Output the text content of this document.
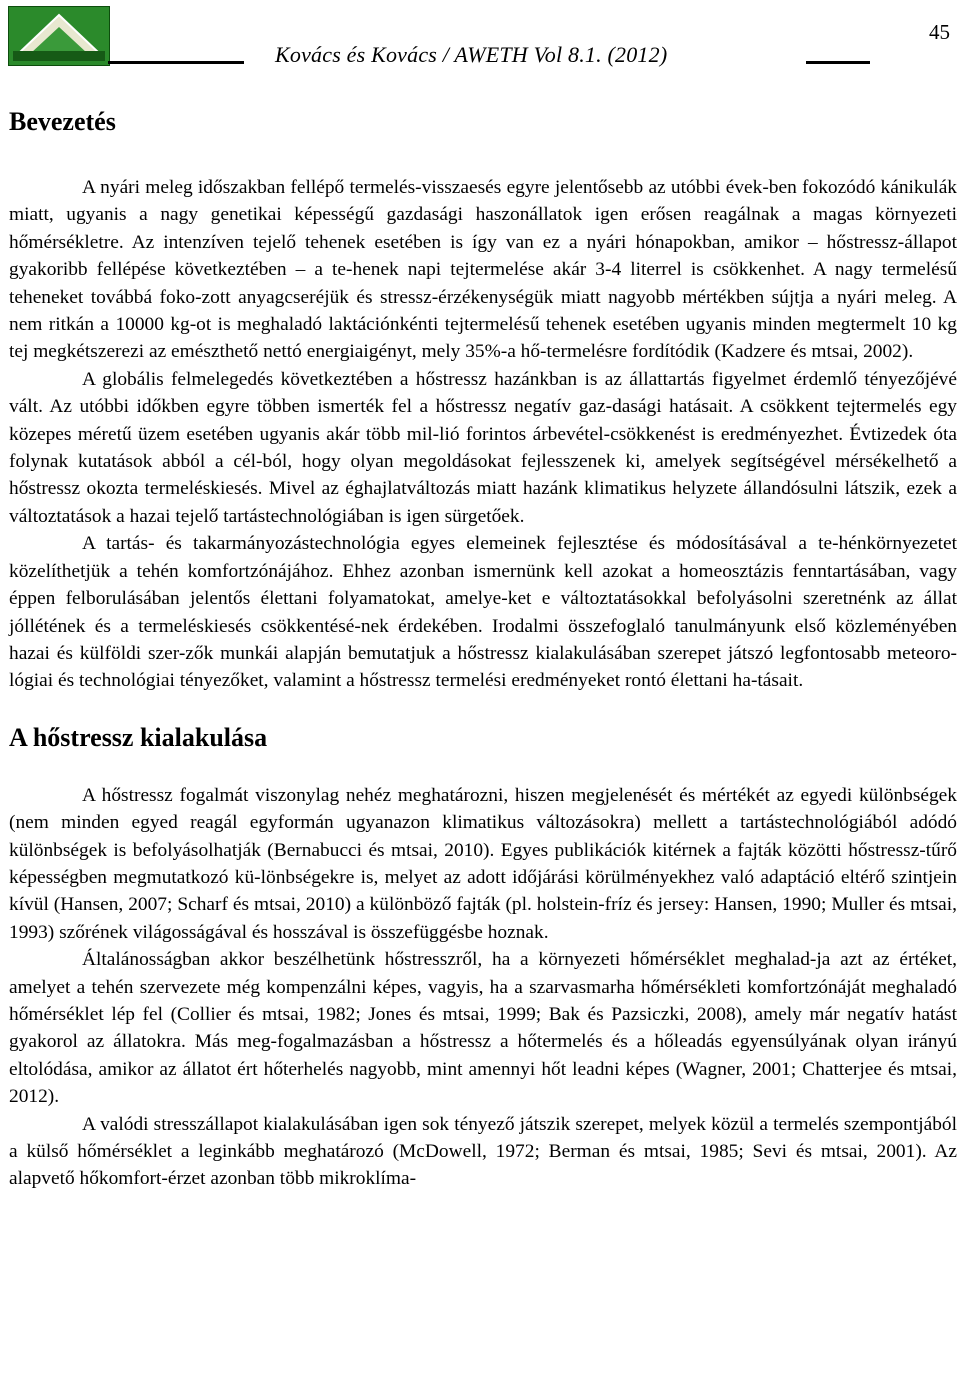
Kovács és Kovács / AWETH Vol 8.1. (2012)
45
Bevezetés

A nyári meleg időszakban fellépő termelés-visszaesés egyre jelentősebb az utóbbi évek-ben fokozódó kánikulák miatt, ugyanis a nagy genetikai képességű gazdasági haszonállatok igen erősen reagálnak a magas környezeti hőmérsékletre. Az intenzíven tejelő tehenek esetében is így van ez a nyári hónapokban, amikor – hőstressz-állapot gyakoribb fellépése következtében – a te-henek napi tejtermelése akár 3-4 literrel is csökkenhet. A nagy termelésű teheneket továbbá foko-zott anyagcseréjük és stressz-érzékenységük miatt nagyobb mértékben sújtja a nyári meleg. A nem ritkán a 10000 kg-ot is meghaladó laktációnkénti tejtermelésű tehenek esetében ugyanis minden megtermelt 10 kg tej megkétszerezi az emészthető nettó energiaigényt, mely 35%-a hő-termelésre fordítódik (Kadzere és mtsai, 2002).

A globális felmelegedés következtében a hőstressz hazánkban is az állattartás figyelmet érdemlő tényezőjévé vált. Az utóbbi időkben egyre többen ismerték fel a hőstressz negatív gaz-dasági hatásait. A csökkent tejtermelés egy közepes méretű üzem esetében ugyanis akár több mil-lió forintos árbevétel-csökkenést is eredményezhet. Évtizedek óta folynak kutatások abból a cél-ból, hogy olyan megoldásokat fejlesszenek ki, amelyek segítségével mérsékelhető a hőstressz okozta termeléskiesés. Mivel az éghajlatváltozás miatt hazánk klimatikus helyzete állandósulni látszik, ezek a változtatások a hazai tejelő tartástechnológiában is igen sürgetőek.

A tartás- és takarmányozástechnológia egyes elemeinek fejlesztése és módosításával a te-hénkörnyezetet közelíthetjük a tehén komfortzónájához. Ehhez azonban ismernünk kell azokat a homeosztázis fenntartásában, vagy éppen felborulásában jelentős élettani folyamatokat, amelye-ket e változtatásokkal befolyásolni szeretnénk az állat jóllétének és a termeléskiesés csökkentésé-nek érdekében. Irodalmi összefoglaló tanulmányunk első közleményében hazai és külföldi szer-zők munkái alapján bemutatjuk a hőstressz kialakulásában szerepet játszó legfontosabb meteoro-lógiai és technológiai tényezőket, valamint a hőstressz termelési eredményeket rontó élettani ha-tásait.

A hőstressz kialakulása

A hőstressz fogalmát viszonylag nehéz meghatározni, hiszen megjelenését és mértékét az egyedi különbségek (nem minden egyed reagál egyformán ugyanazon klimatikus változásokra) mellett a tartástechnológiából adódó különbségek is befolyásolhatják (Bernabucci és mtsai, 2010). Egyes publikációk kitérnek a fajták közötti hőstressz-tűrő képességben megmutatkozó kü-lönbségekre is, melyet az adott időjárási körülményekhez való adaptáció eltérő szintjein kívül (Hansen, 2007; Scharf és mtsai, 2010) a különböző fajták (pl. holstein-fríz és jersey: Hansen, 1990; Muller és mtsai, 1993) szőrének világosságával és hosszával is összefüggésbe hoznak.

Általánosságban akkor beszélhetünk hőstresszről, ha a környezeti hőmérséklet meghalad-ja azt az értéket, amelyet a tehén szervezete még kompenzálni képes, vagyis, ha a szarvasmarha hőmérsékleti komfortzónáját meghaladó hőmérséklet lép fel (Collier és mtsai, 1982; Jones és mtsai, 1999; Bak és Pazsiczki, 2008), amely már negatív hatást gyakorol az állatokra. Más meg-fogalmazásban a hőstressz a hőtermelés és a hőleadás egyensúlyának olyan irányú eltolódása, amikor az állatot ért hőterhelés nagyobb, mint amennyi hőt leadni képes (Wagner, 2001; Chatterjee és mtsai, 2012).

A valódi stresszállapot kialakulásában igen sok tényező játszik szerepet, melyek közül a termelés szempontjából a külső hőmérséklet a leginkább meghatározó (McDowell, 1972; Berman és mtsai, 1985; Sevi és mtsai, 2001). Az alapvető hőkomfort-érzet azonban több mikroklíma-
